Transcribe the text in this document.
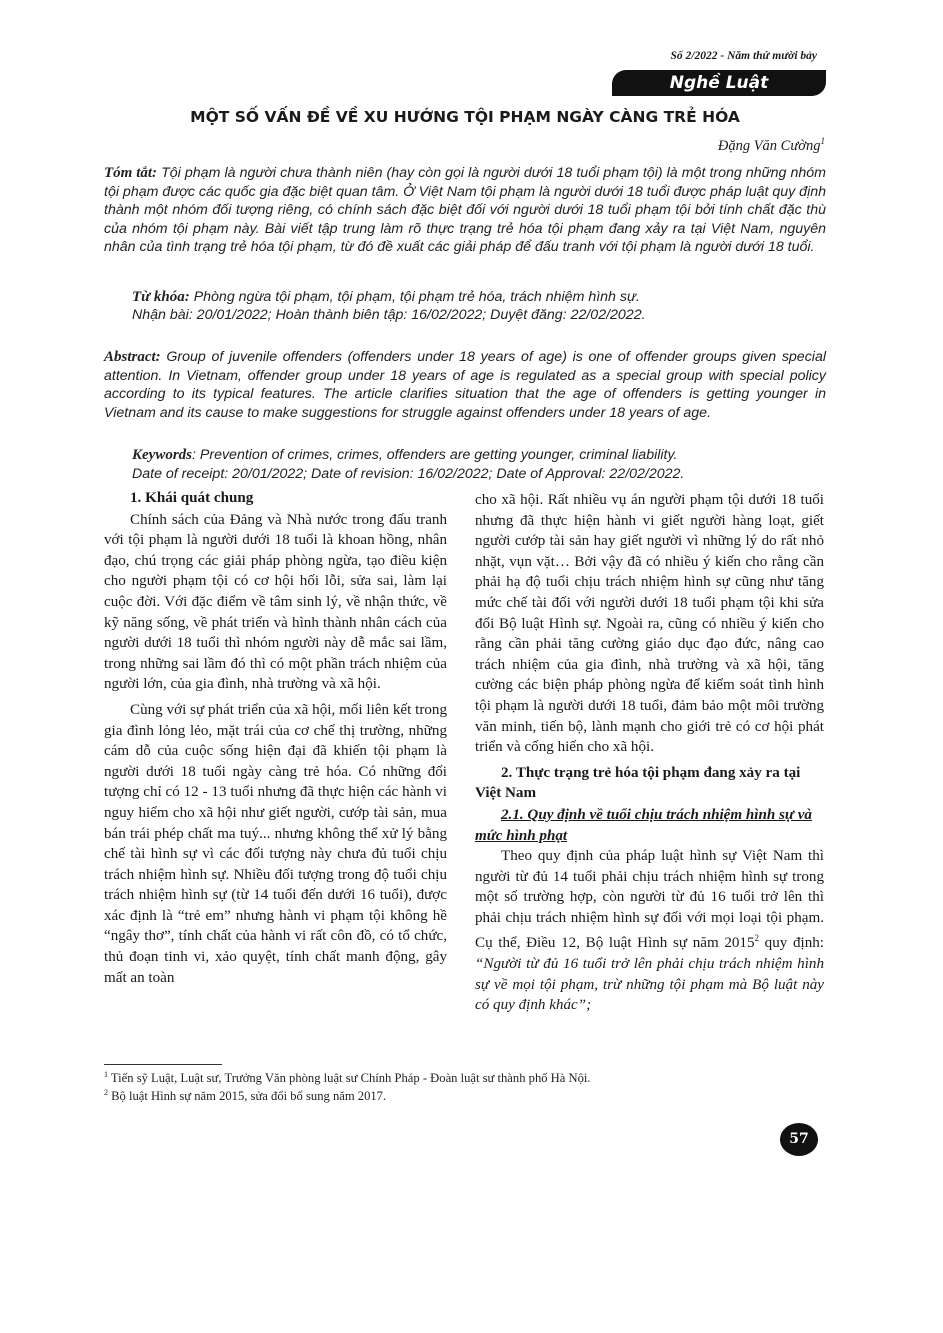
Số 2/2022 - Năm thứ mười bảy
Nghề Luật
MỘT SỐ VẤN ĐỀ VỀ XU HƯỚNG TỘI PHẠM NGÀY CÀNG TRẺ HÓA
Đặng Văn Cường$^1$

Tóm tắt: Tội phạm là người chưa thành niên (hay còn gọi là người dưới 18 tuổi phạm tội) là một trong những nhóm tội phạm được các quốc gia đặc biệt quan tâm. Ở Việt Nam tội phạm là người dưới 18 tuổi được pháp luật quy định thành một nhóm đối tượng riêng, có chính sách đặc biệt đối với người dưới 18 tuổi phạm tội bởi tính chất đặc thù của nhóm tội phạm này. Bài viết tập trung làm rõ thực trạng trẻ hóa tội phạm đang xảy ra tại Việt Nam, nguyên nhân của tình trạng trẻ hóa tội phạm, từ đó đề xuất các giải pháp để đấu tranh với tội phạm là người dưới 18 tuổi.

Từ khóa: Phòng ngừa tội phạm, tội phạm, tội phạm trẻ hóa, trách nhiệm hình sự.

Nhận bài: 20/01/2022; Hoàn thành biên tập: 16/02/2022; Duyệt đăng: 22/02/2022.

Abstract: Group of juvenile offenders (offenders under 18 years of age) is one of offender groups given special attention. In Vietnam, offender group under 18 years of age is regulated as a special group with special policy according to its typical features. The article clarifies situation that the age of offenders is getting younger in Vietnam and its cause to make suggestions for struggle against offenders under 18 years of age.

Keywords: Prevention of crimes, crimes, offenders are getting younger, criminal liability.

Date of receipt: 20/01/2022; Date of revision: 16/02/2022; Date of Approval: 22/02/2022.

1. Khái quát chung

Chính sách của Đảng và Nhà nước trong đấu tranh với tội phạm là người dưới 18 tuổi là khoan hồng, nhân đạo, chú trọng các giải pháp phòng ngừa, tạo điều kiện cho người phạm tội có cơ hội hối lỗi, sửa sai, làm lại cuộc đời. Với đặc điểm về tâm sinh lý, về nhận thức, về kỹ năng sống, về phát triển và hình thành nhân cách của người dưới 18 tuổi thì nhóm người này dễ mắc sai lầm, trong những sai lầm đó thì có một phần trách nhiệm của người lớn, của gia đình, nhà trường và xã hội.

Cùng với sự phát triển của xã hội, mối liên kết trong gia đình lỏng lẻo, mặt trái của cơ chế thị trường, những cám dỗ của cuộc sống hiện đại đã khiến tội phạm là người dưới 18 tuổi ngày càng trẻ hóa. Có những đối tượng chỉ có 12 - 13 tuổi nhưng đã thực hiện các hành vi nguy hiểm cho xã hội như giết người, cướp tài sản, mua bán trái phép chất ma tuý... nhưng không thể xử lý bằng chế tài hình sự vì các đối tượng này chưa đủ tuổi chịu trách nhiệm hình sự. Nhiều đối tượng trong độ tuổi chịu trách nhiệm hình sự (từ 14 tuổi đến dưới 16 tuổi), được xác định là “trẻ em” nhưng hành vi phạm tội không hề “ngây thơ”, tính chất của hành vi rất côn đồ, có tổ chức, thủ đoạn tinh vi, xảo quyệt, tính chất manh động, gây mất an toàn

cho xã hội. Rất nhiều vụ án người phạm tội dưới 18 tuổi nhưng đã thực hiện hành vi giết người hàng loạt, giết người cướp tài sản hay giết người vì những lý do rất nhỏ nhặt, vụn vặt… Bởi vậy đã có nhiều ý kiến cho rằng cần phải hạ độ tuổi chịu trách nhiệm hình sự cũng như tăng mức chế tài đối với người dưới 18 tuổi phạm tội khi sửa đổi Bộ luật Hình sự. Ngoài ra, cũng có nhiều ý kiến cho rằng cần phải tăng cường giáo dục đạo đức, nâng cao trách nhiệm của gia đình, nhà trường và xã hội, tăng cường các biện pháp phòng ngừa để kiểm soát tình hình tội phạm là người dưới 18 tuổi, đảm bảo một môi trường văn minh, tiến bộ, lành mạnh cho giới trẻ có cơ hội phát triển và cống hiến cho xã hội.

2. Thực trạng trẻ hóa tội phạm đang xảy ra tại Việt Nam
2.1. Quy định về tuổi chịu trách nhiệm hình sự và mức hình phạt

Theo quy định của pháp luật hình sự Việt Nam thì người từ đủ 14 tuổi phải chịu trách nhiệm hình sự trong một số trường hợp, còn người từ đủ 16 tuổi trở lên thì phải chịu trách nhiệm hình sự đối với mọi loại tội phạm. Cụ thể, Điều 12, Bộ luật Hình sự năm 2015$^2$ quy định: “Người từ đủ 16 tuổi trở lên phải chịu trách nhiệm hình sự về mọi tội phạm, trừ những tội phạm mà Bộ luật này có quy định khác”;

$^1$ Tiến sỹ Luật, Luật sư, Trưởng Văn phòng luật sư Chính Pháp - Đoàn luật sư thành phố Hà Nội.

$^2$ Bộ luật Hình sự năm 2015, sửa đổi bổ sung năm 2017.

57
